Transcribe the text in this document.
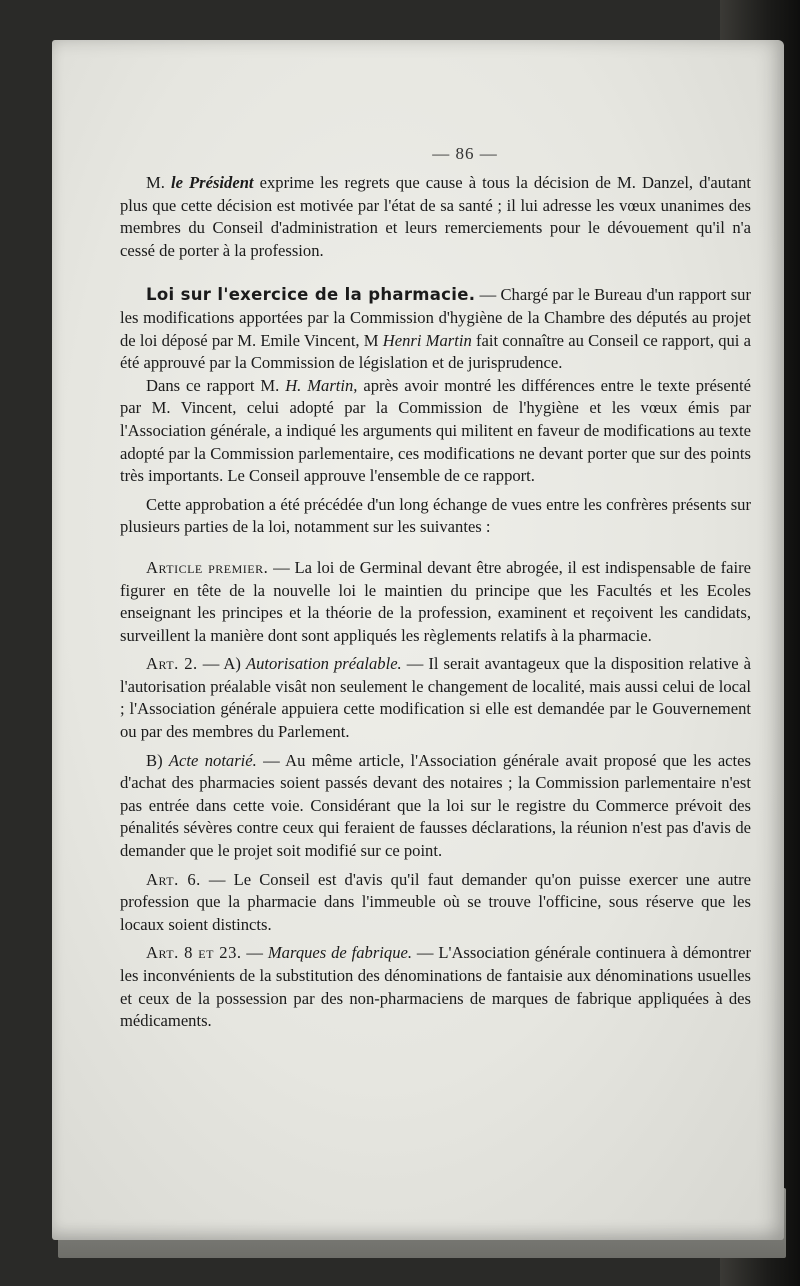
— 86 —

M. le Président exprime les regrets que cause à tous la décision de M. Danzel, d'autant plus que cette décision est motivée par l'état de sa santé ; il lui adresse les vœux unanimes des membres du Conseil d'administration et leurs remerciements pour le dévouement qu'il n'a cessé de porter à la profession.

Loi sur l'exercice de la pharmacie. — Chargé par le Bureau d'un rapport sur les modifications apportées par la Commission d'hygiène de la Chambre des députés au projet de loi déposé par M. Emile Vincent, M Henri Martin fait connaître au Conseil ce rapport, qui a été approuvé par la Commission de législation et de jurisprudence.

Dans ce rapport M. H. Martin, après avoir montré les différences entre le texte présenté par M. Vincent, celui adopté par la Commission de l'hygiène et les vœux émis par l'Association générale, a indiqué les arguments qui militent en faveur de modifications au texte adopté par la Commission parlementaire, ces modifications ne devant porter que sur des points très importants. Le Conseil approuve l'ensemble de ce rapport.

Cette approbation a été précédée d'un long échange de vues entre les confrères présents sur plusieurs parties de la loi, notamment sur les suivantes :

Article premier. — La loi de Germinal devant être abrogée, il est indispensable de faire figurer en tête de la nouvelle loi le maintien du principe que les Facultés et les Ecoles enseignant les principes et la théorie de la profession, examinent et reçoivent les candidats, surveillent la manière dont sont appliqués les règlements relatifs à la pharmacie.

Art. 2. — A) Autorisation préalable. — Il serait avantageux que la disposition relative à l'autorisation préalable visât non seulement le changement de localité, mais aussi celui de local ; l'Association générale appuiera cette modification si elle est demandée par le Gouvernement ou par des membres du Parlement.

B) Acte notarié. — Au même article, l'Association générale avait proposé que les actes d'achat des pharmacies soient passés devant des notaires ; la Commission parlementaire n'est pas entrée dans cette voie. Considérant que la loi sur le registre du Commerce prévoit des pénalités sévères contre ceux qui feraient de fausses déclarations, la réunion n'est pas d'avis de demander que le projet soit modifié sur ce point.

Art. 6. — Le Conseil est d'avis qu'il faut demander qu'on puisse exercer une autre profession que la pharmacie dans l'immeuble où se trouve l'officine, sous réserve que les locaux soient distincts.

Art. 8 et 23. — Marques de fabrique. — L'Association générale continuera à démontrer les inconvénients de la substitution des dénominations de fantaisie aux dénominations usuelles et ceux de la possession par des non-pharmaciens de marques de fabrique appliquées à des médicaments.
